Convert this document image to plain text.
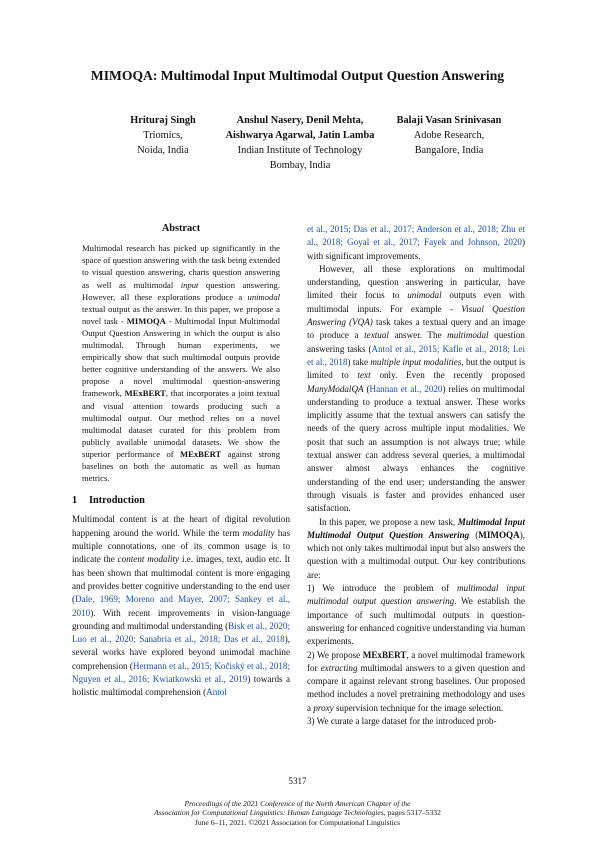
MIMOQA: Multimodal Input Multimodal Output Question Answering
Hrituraj Singh
Triomics,
Noida, India
Anshul Nasery, Denil Mehta,
Aishwarya Agarwal, Jatin Lamba
Indian Institute of Technology
Bombay, India
Balaji Vasan Srinivasan
Adobe Research,
Bangalore, India
Abstract
Multimodal research has picked up significantly in the space of question answering with the task being extended to visual question answering, charts question answering as well as multimodal input question answering. However, all these explorations produce a unimodal textual output as the answer. In this paper, we propose a novel task - MIMOQA - Multimodal Input Multimodal Output Question Answering in which the output is also multimodal. Through human experiments, we empirically show that such multimodal outputs provide better cognitive understanding of the answers. We also propose a novel multimodal question-answering framework, MExBERT, that incorporates a joint textual and visual attention towards producing such a multimodal output. Our method relies on a novel multimodal dataset curated for this problem from publicly available unimodal datasets. We show the superior performance of MExBERT against strong baselines on both the automatic as well as human metrics.
1 Introduction

Multimodal content is at the heart of digital revolution happening around the world. While the term modality has multiple connotations, one of its common usage is to indicate the content modality i.e. images, text, audio etc. It has been shown that multimodal content is more engaging and provides better cognitive understanding to the end user (Dale, 1969; Moreno and Mayer, 2007; Sankey et al., 2010). With recent improvements in vision-language grounding and multimodal understanding (Bisk et al., 2020; Luo et al., 2020; Sanabria et al., 2018; Das et al., 2018), several works have explored beyond unimodal machine comprehension (Hermann et al., 2015; Kočiský et al., 2018; Nguyen et al., 2016; Kwiatkowski et al., 2019) towards a holistic multimodal comprehension (Antol

et al., 2015; Das et al., 2017; Anderson et al., 2018; Zhu et al., 2018; Goyal et al., 2017; Fayek and Johnson, 2020) with significant improvements.

However, all these explorations on multimodal understanding, question answering in particular, have limited their focus to unimodal outputs even with multimodal inputs. For example - Visual Question Answering (VQA) task takes a textual query and an image to produce a textual answer. The multimodal question answering tasks (Antol et al., 2015; Kafle et al., 2018; Lei et al., 2018) take multiple input modalities, but the output is limited to text only. Even the recently proposed ManyModalQA (Hannan et al., 2020) relies on multimodal understanding to produce a textual answer. These works implicitly assume that the textual answers can satisfy the needs of the query across multiple input modalities. We posit that such an assumption is not always true; while textual answer can address several queries, a multimodal answer almost always enhances the cognitive understanding of the end user; understanding the answer through visuals is faster and provides enhanced user satisfaction.

In this paper, we propose a new task, Multimodal Input Multimodal Output Question Answering (MIMOQA), which not only takes multimodal input but also answers the question with a multimodal output. Our key contributions are:

1) We introduce the problem of multimodal input multimodal output question answering. We establish the importance of such multimodal outputs in question-answering for enhanced cognitive understanding via human experiments.

2) We propose MExBERT, a novel multimodal framework for extracting multimodal answers to a given question and compare it against relevant strong baselines. Our proposed method includes a novel pretraining methodology and uses a proxy supervision technique for the image selection.

3) We curate a large dataset for the introduced prob-

5317
Proceedings of the 2021 Conference of the North American Chapter of the
Association for Computational Linguistics: Human Language Technologies, pages 5317–5332
June 6–11, 2021. ©2021 Association for Computational Linguistics
